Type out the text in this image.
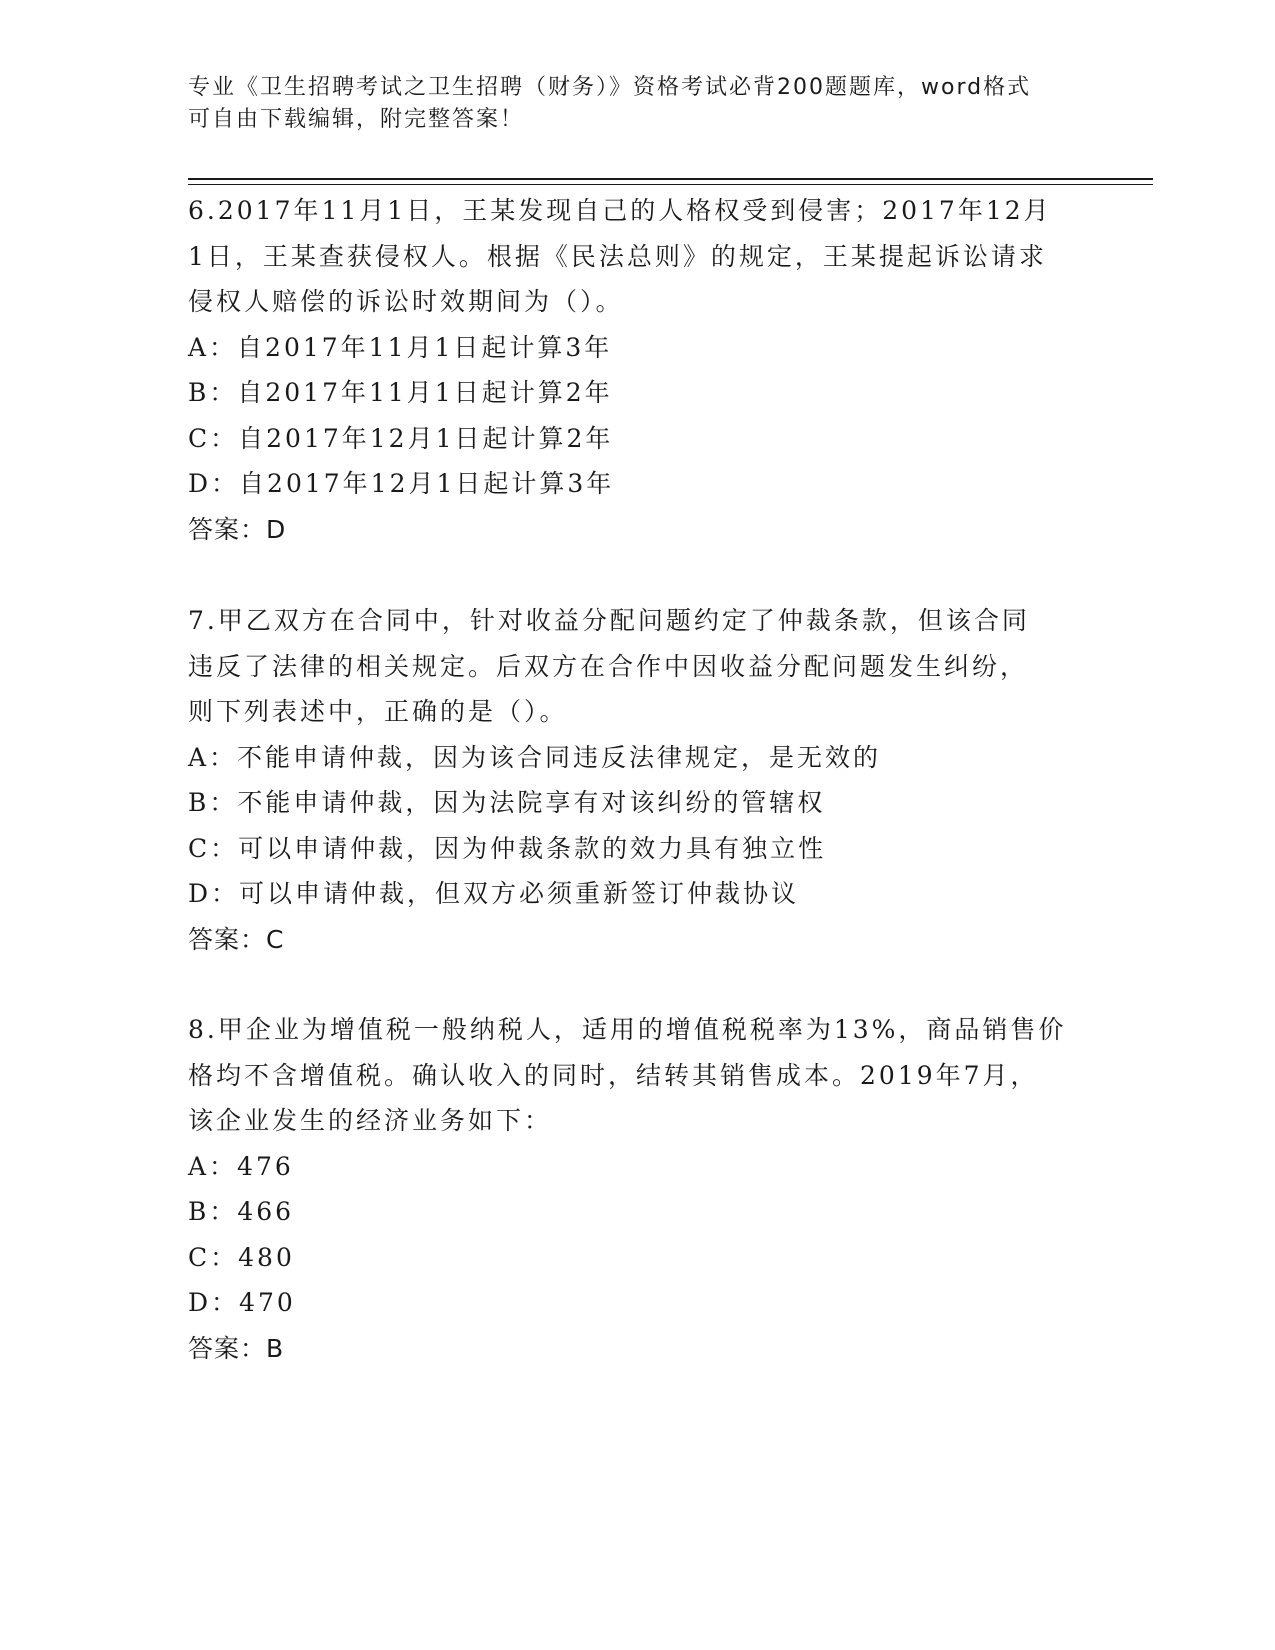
专业《卫生招聘考试之卫生招聘（财务）》资格考试必背200题题库，word格式
可自由下载编辑，附完整答案！
6.2017年11月1日，王某发现自己的人格权受到侵害；2017年12月
1日，王某查获侵权人。根据《民法总则》的规定，王某提起诉讼请求
侵权人赔偿的诉讼时效期间为（）。
A：自2017年11月1日起计算3年
B：自2017年11月1日起计算2年
C：自2017年12月1日起计算2年
D：自2017年12月1日起计算3年
答案：D
7.甲乙双方在合同中，针对收益分配问题约定了仲裁条款，但该合同
违反了法律的相关规定。后双方在合作中因收益分配问题发生纠纷，
则下列表述中，正确的是（）。
A：不能申请仲裁，因为该合同违反法律规定，是无效的
B：不能申请仲裁，因为法院享有对该纠纷的管辖权
C：可以申请仲裁，因为仲裁条款的效力具有独立性
D：可以申请仲裁，但双方必须重新签订仲裁协议
答案：C
8.甲企业为增值税一般纳税人，适用的增值税税率为13%，商品销售价
格均不含增值税。确认收入的同时，结转其销售成本。2019年7月，
该企业发生的经济业务如下：
A：476
B：466
C：480
D：470
答案：B
